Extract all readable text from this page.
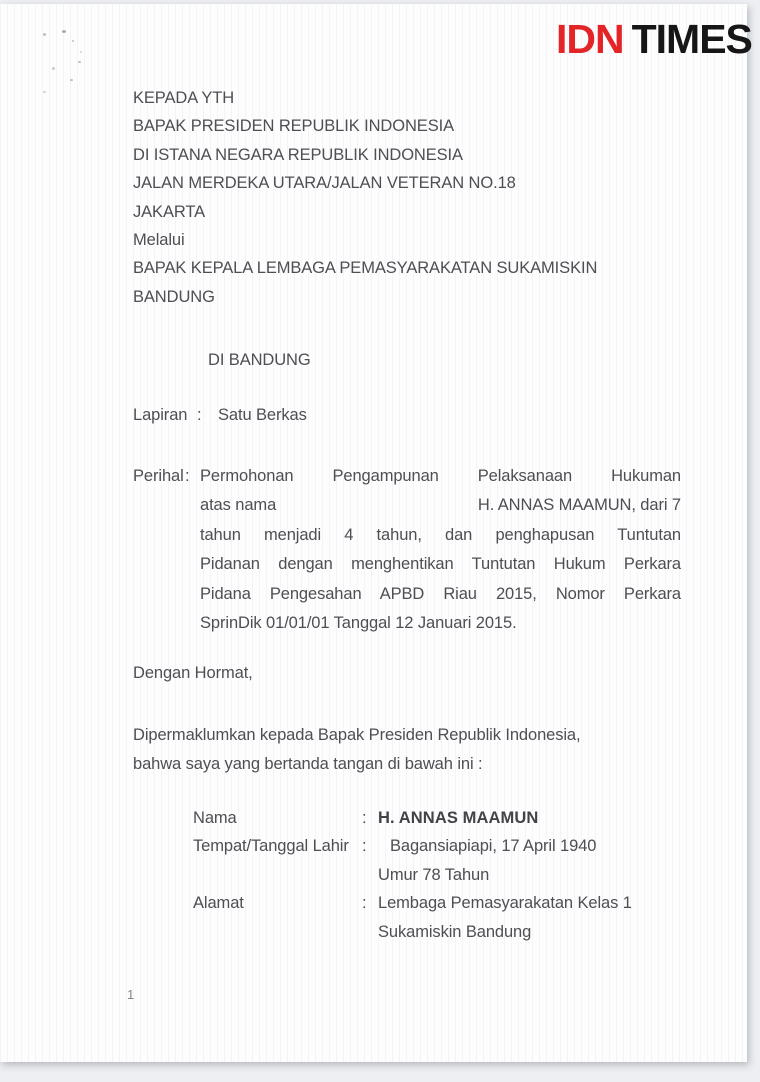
IDN TIMES
KEPADA YTH
BAPAK PRESIDEN REPUBLIK INDONESIA
DI ISTANA NEGARA REPUBLIK INDONESIA
JALAN MERDEKA UTARA/JALAN VETERAN NO.18
JAKARTA
Melalui
BAPAK KEPALA LEMBAGA PEMASYARAKATAN SUKAMISKIN
BANDUNG
DI BANDUNG
Lapiran :	Satu Berkas
Perihal : Permohonan Pengampunan Pelaksanaan Hukuman
atas nama	H. ANNAS MAAMUN, dari 7
tahun menjadi 4 tahun, dan penghapusan Tuntutan
Pidanan dengan menghentikan Tuntutan Hukum Perkara
Pidana Pengesahan APBD Riau 2015, Nomor Perkara
SprinDik 01/01/01 Tanggal 12 Januari 2015.
Dengan Hormat,
Dipermaklumkan kepada Bapak Presiden Republik Indonesia,
bahwa saya yang bertanda tangan di bawah ini :
Nama	: H. ANNAS MAAMUN
Tempat/Tanggal Lahir :	Bagansiapiapi, 17 April 1940
Umur 78 Tahun
Alamat	: Lembaga Pemasyarakatan Kelas 1
Sukamiskin Bandung
1
